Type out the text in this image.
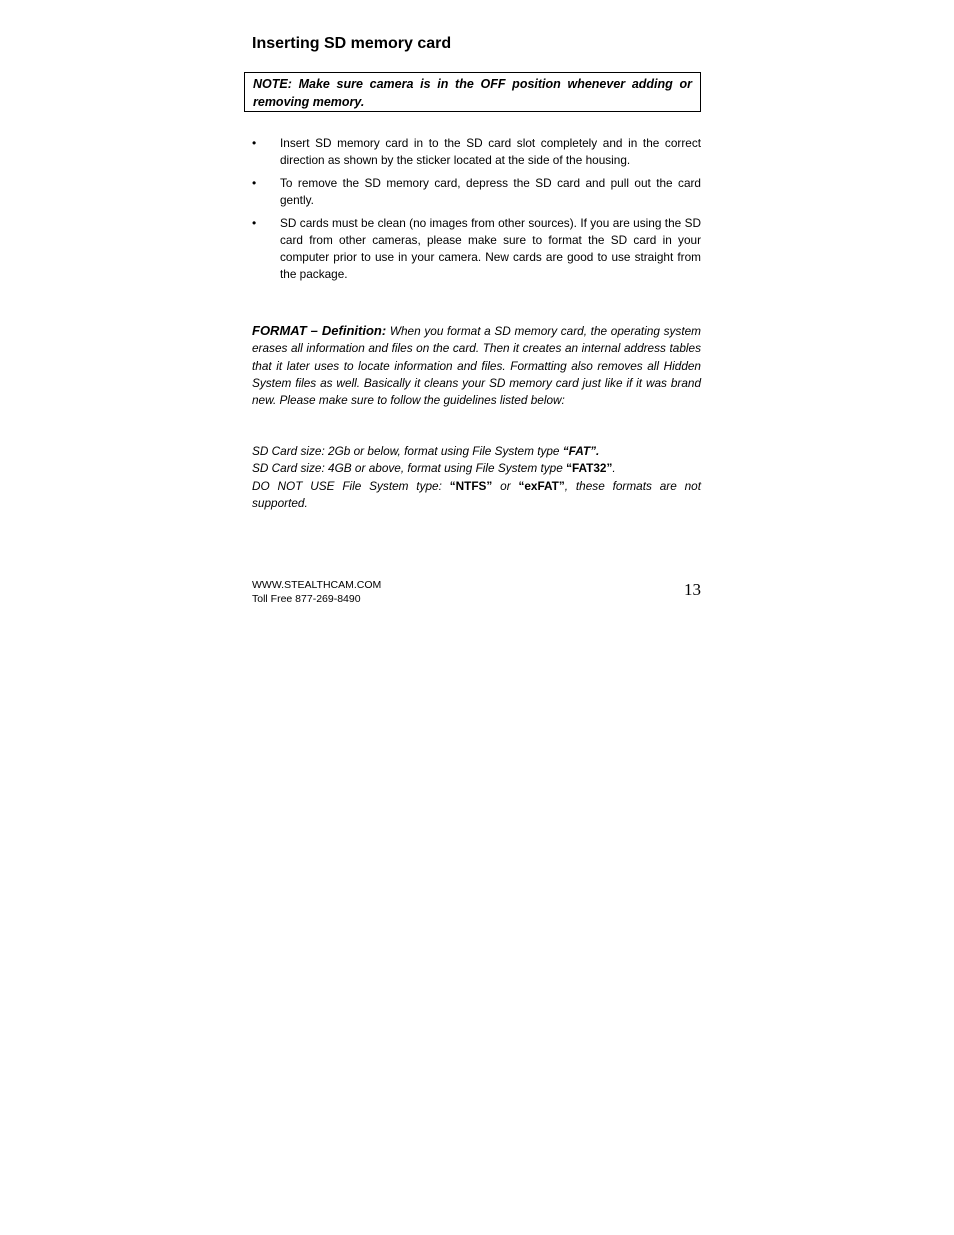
Inserting SD memory card
NOTE: Make sure camera is in the OFF position whenever adding or removing memory.
• Insert SD memory card in to the SD card slot completely and in the correct direction as shown by the sticker located at the side of the housing.
• To remove the SD memory card, depress the SD card and pull out the card gently.
• SD cards must be clean (no images from other sources). If you are using the SD card from other cameras, please make sure to format the SD card in your computer prior to use in your camera. New cards are good to use straight from the package.

FORMAT – Definition: When you format a SD memory card, the operating system erases all information and files on the card. Then it creates an internal address tables that it later uses to locate information and files. Formatting also removes all Hidden System files as well. Basically it cleans your SD memory card just like if it was brand new. Please make sure to follow the guidelines listed below:

SD Card size: 2Gb or below, format using File System type “FAT”.

SD Card size: 4GB or above, format using File System type “FAT32”.

DO NOT USE File System type: “NTFS” or “exFAT”, these formats are not supported.

WWW.STEALTHCAM.COM
Toll Free 877-269-8490	13
